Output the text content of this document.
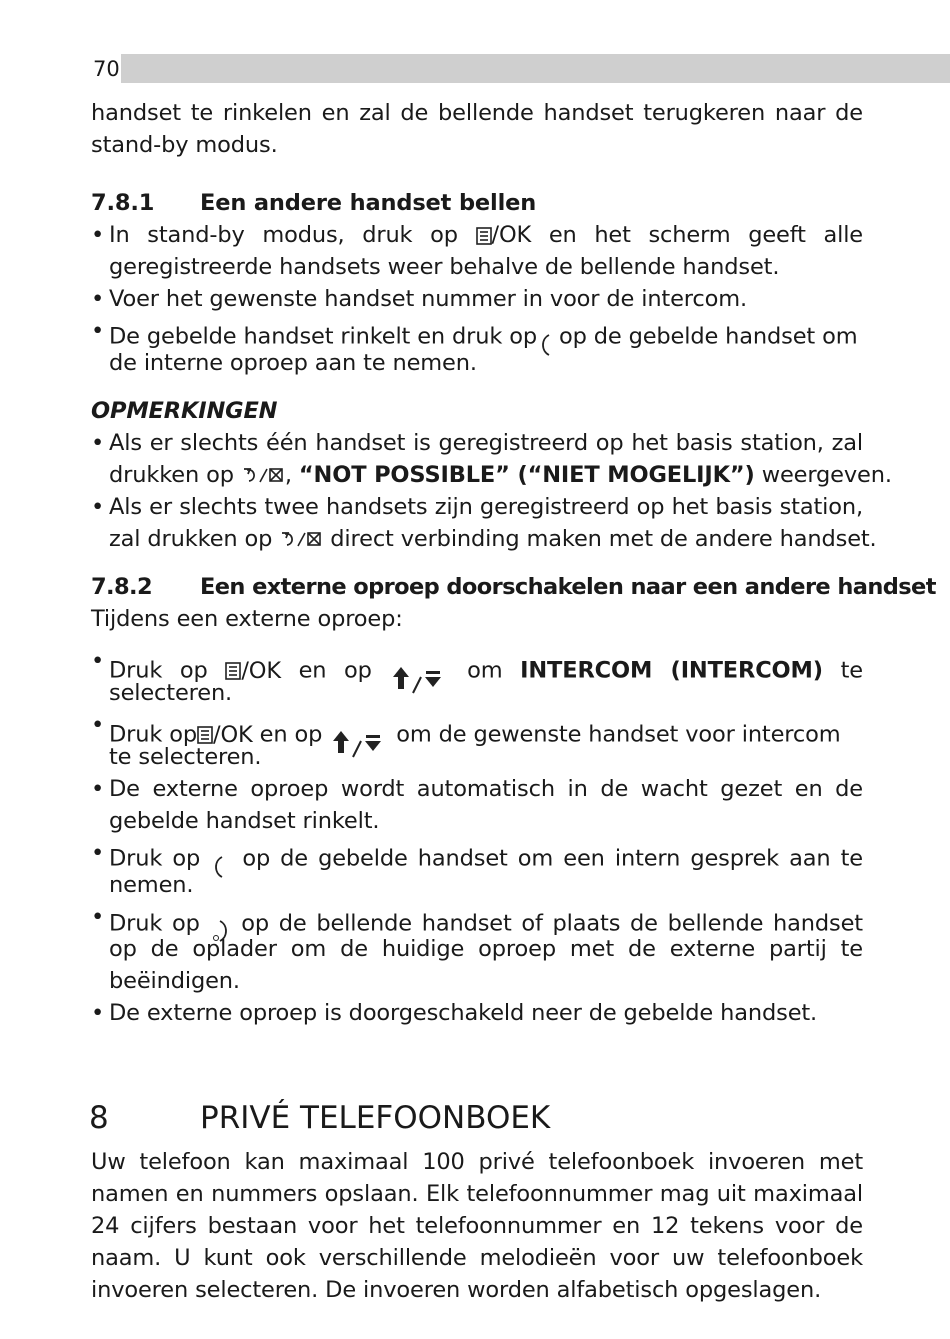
70
handset te rinkelen en zal de bellende handset terugkeren naar de
stand-by modus.
7.8.1 Een andere handset bellen
• In stand-by modus, druk op /OK en het scherm geeft alle
geregistreerde handsets weer behalve de bellende handset.
• Voer het gewenste handset nummer in voor de intercom.
• De gebelde handset rinkelt en druk op op de gebelde handset om
de interne oproep aan te nemen.
OPMERKINGEN
• Als er slechts één handset is geregistreerd op het basis station, zal
drukken op , “NOT POSSIBLE” (“NIET MOGELIJK”) weergeven.
• Als er slechts twee handsets zijn geregistreerd op het basis station,
zal drukken op	direct verbinding maken met de andere handset.
7.8.2 Een externe oproep doorschakelen naar een andere handset
Tijdens een externe oproep:
• Druk op /OK en op	om INTERCOM (INTERCOM) te
selecteren.
• Druk op /OK en op	om de gewenste handset voor intercom
te selecteren.
• De externe oproep wordt automatisch in de wacht gezet en de
gebelde handset rinkelt.
• Druk op op de gebelde handset om een intern gesprek aan te
nemen.
• Druk op op de bellende handset of plaats de bellende handset
op de oplader om de huidige oproep met de externe partij te
beëindigen.
• De externe oproep is doorgeschakeld neer de gebelde handset.
8	PRIVÉ TELEFOONBOEK
Uw telefoon kan maximaal 100 privé telefoonboek invoeren met
namen en nummers opslaan. Elk telefoonnummer mag uit maximaal
24 cijfers bestaan voor het telefoonnummer en 12 tekens voor de
naam. U kunt ook verschillende melodieën voor uw telefoonboek
invoeren selecteren. De invoeren worden alfabetisch opgeslagen.
